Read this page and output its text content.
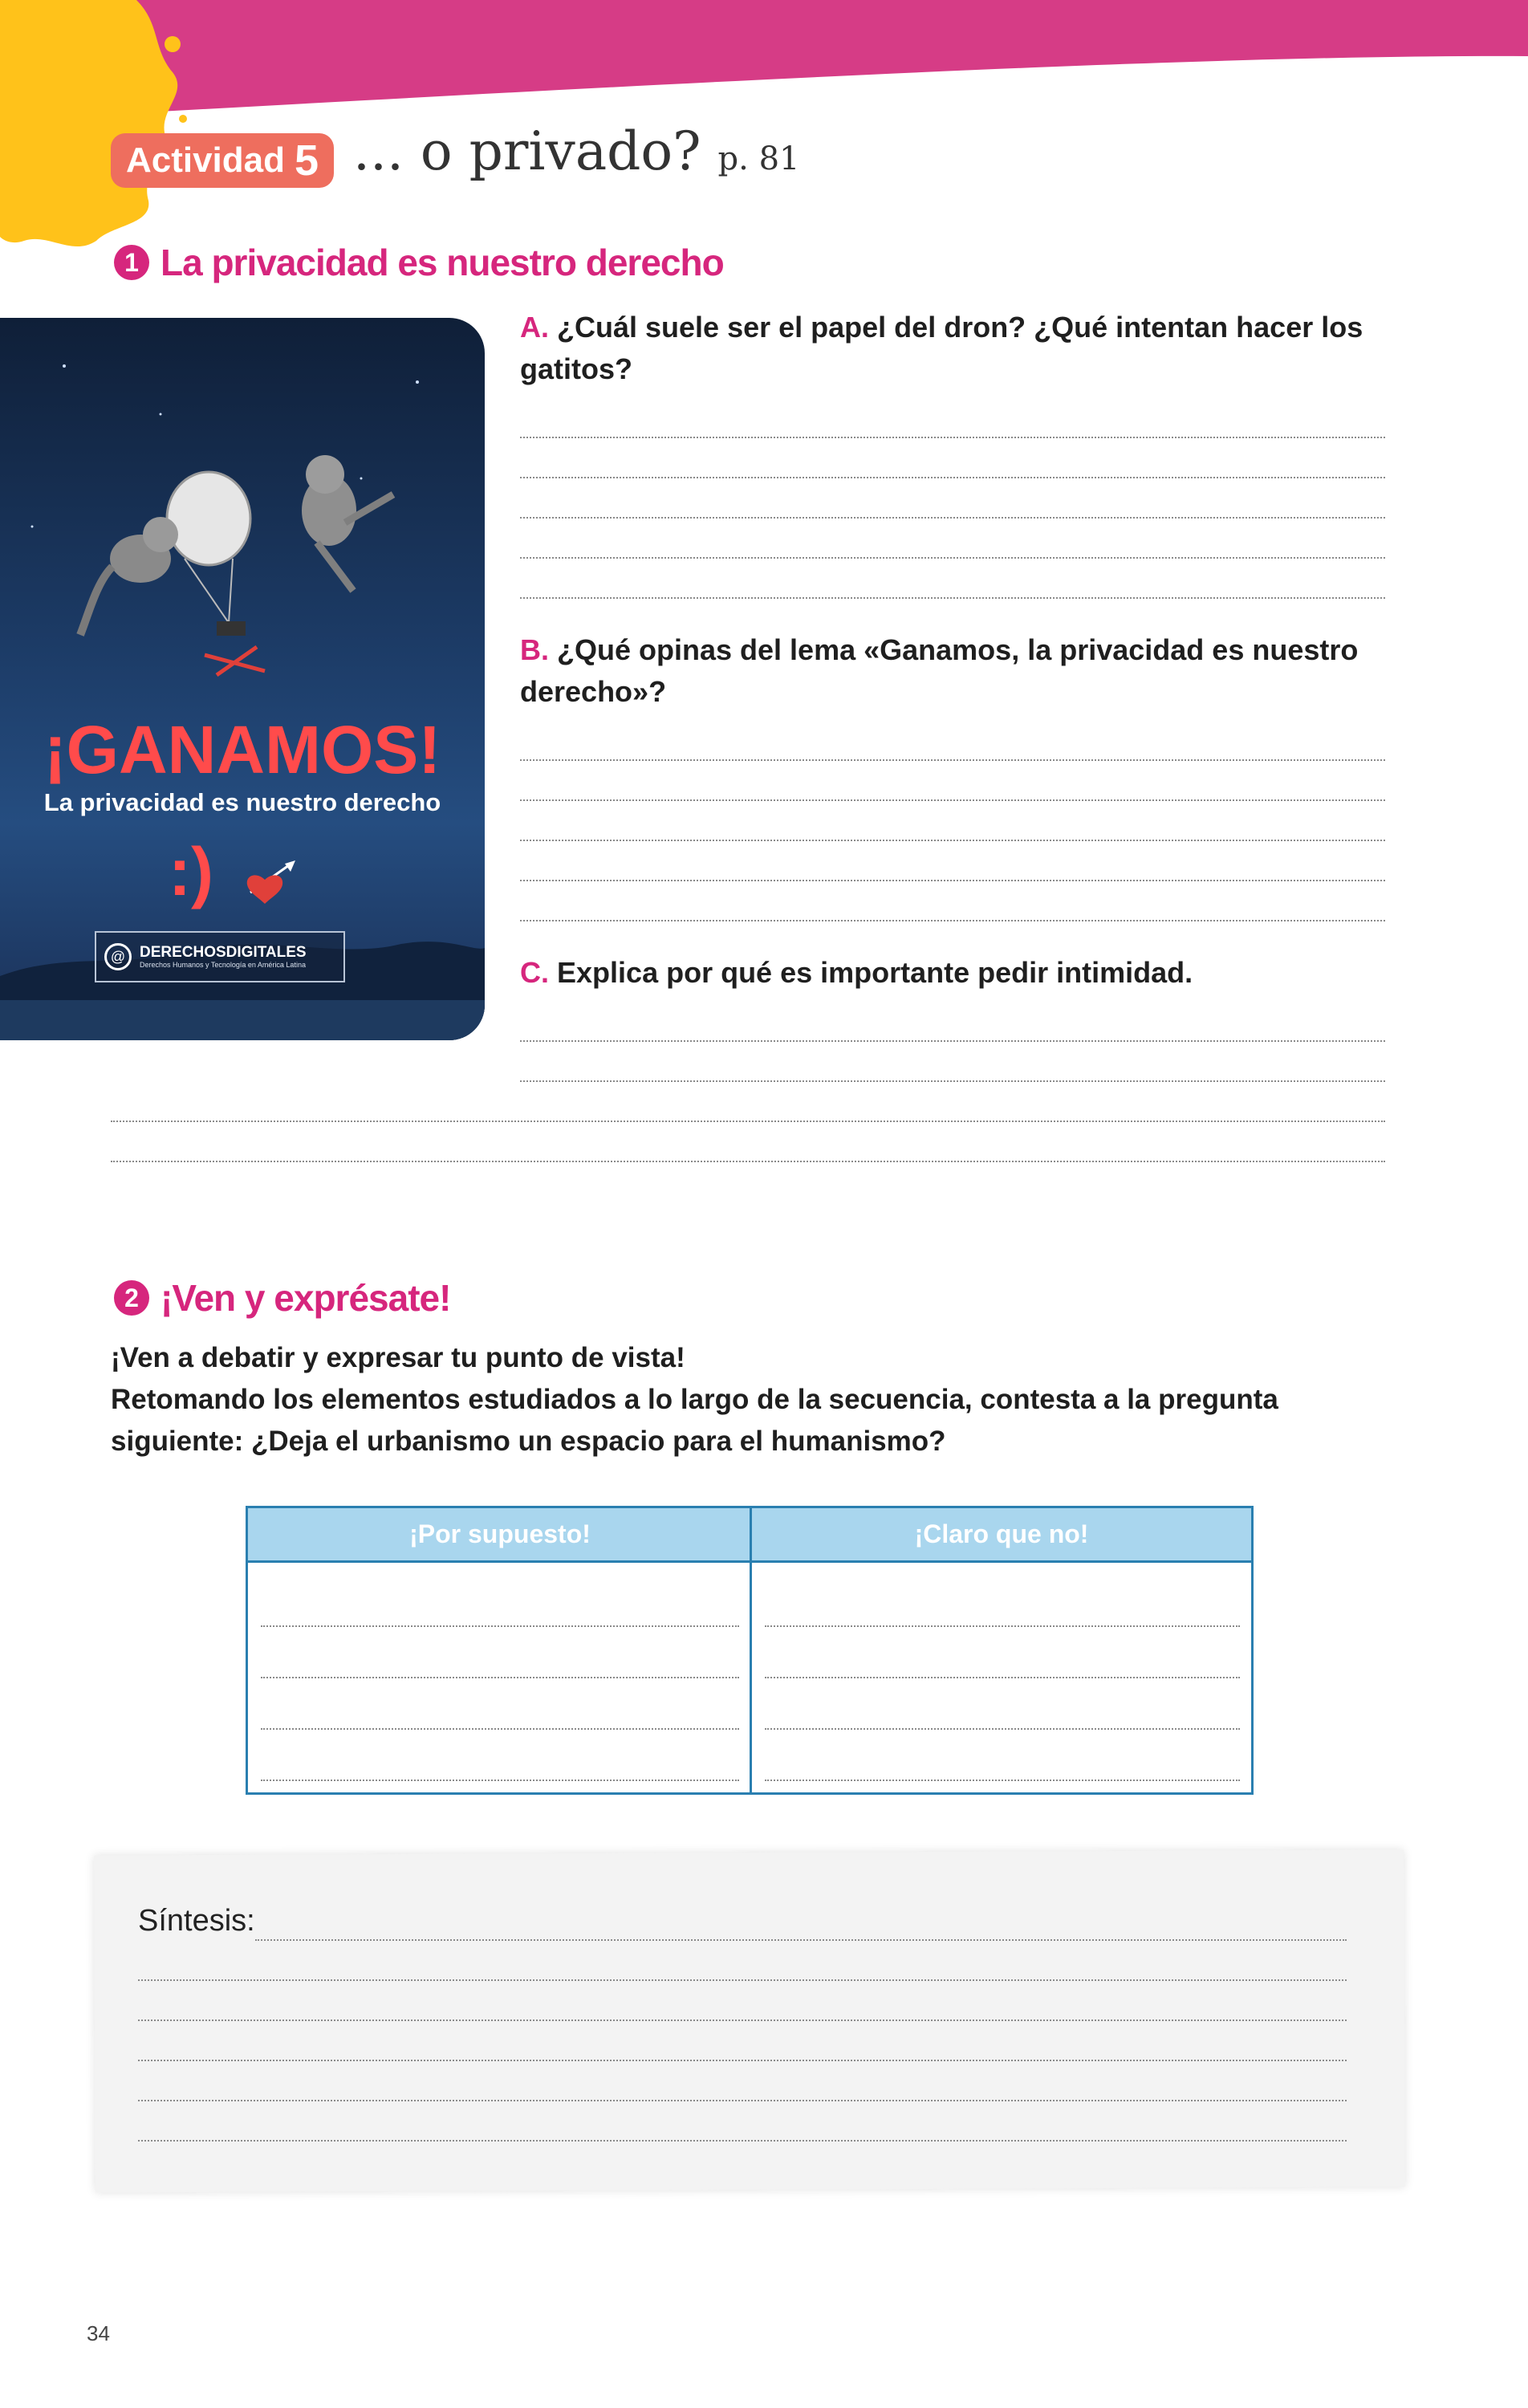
Actividad 5 ... o privado? p. 81
1 La privacidad es nuestro derecho
¡GANAMOS!
La privacidad es nuestro derecho
:)
@ DERECHOSDIGITALES
Derechos Humanos y Tecnología en América Latina
A. ¿Cuál suele ser el papel del dron? ¿Qué intentan hacer los gatitos?
B. ¿Qué opinas del lema «Ganamos, la privacidad es nuestro derecho»?
C. Explica por qué es importante pedir intimidad.
2 ¡Ven y exprésate!
¡Ven a debatir y expresar tu punto de vista!
Retomando los elementos estudiados a lo largo de la secuencia, contesta a la pregunta siguiente: ¿Deja el urbanismo un espacio para el humanismo?
¡Por supuesto!	¡Claro que no!
Síntesis:
34
